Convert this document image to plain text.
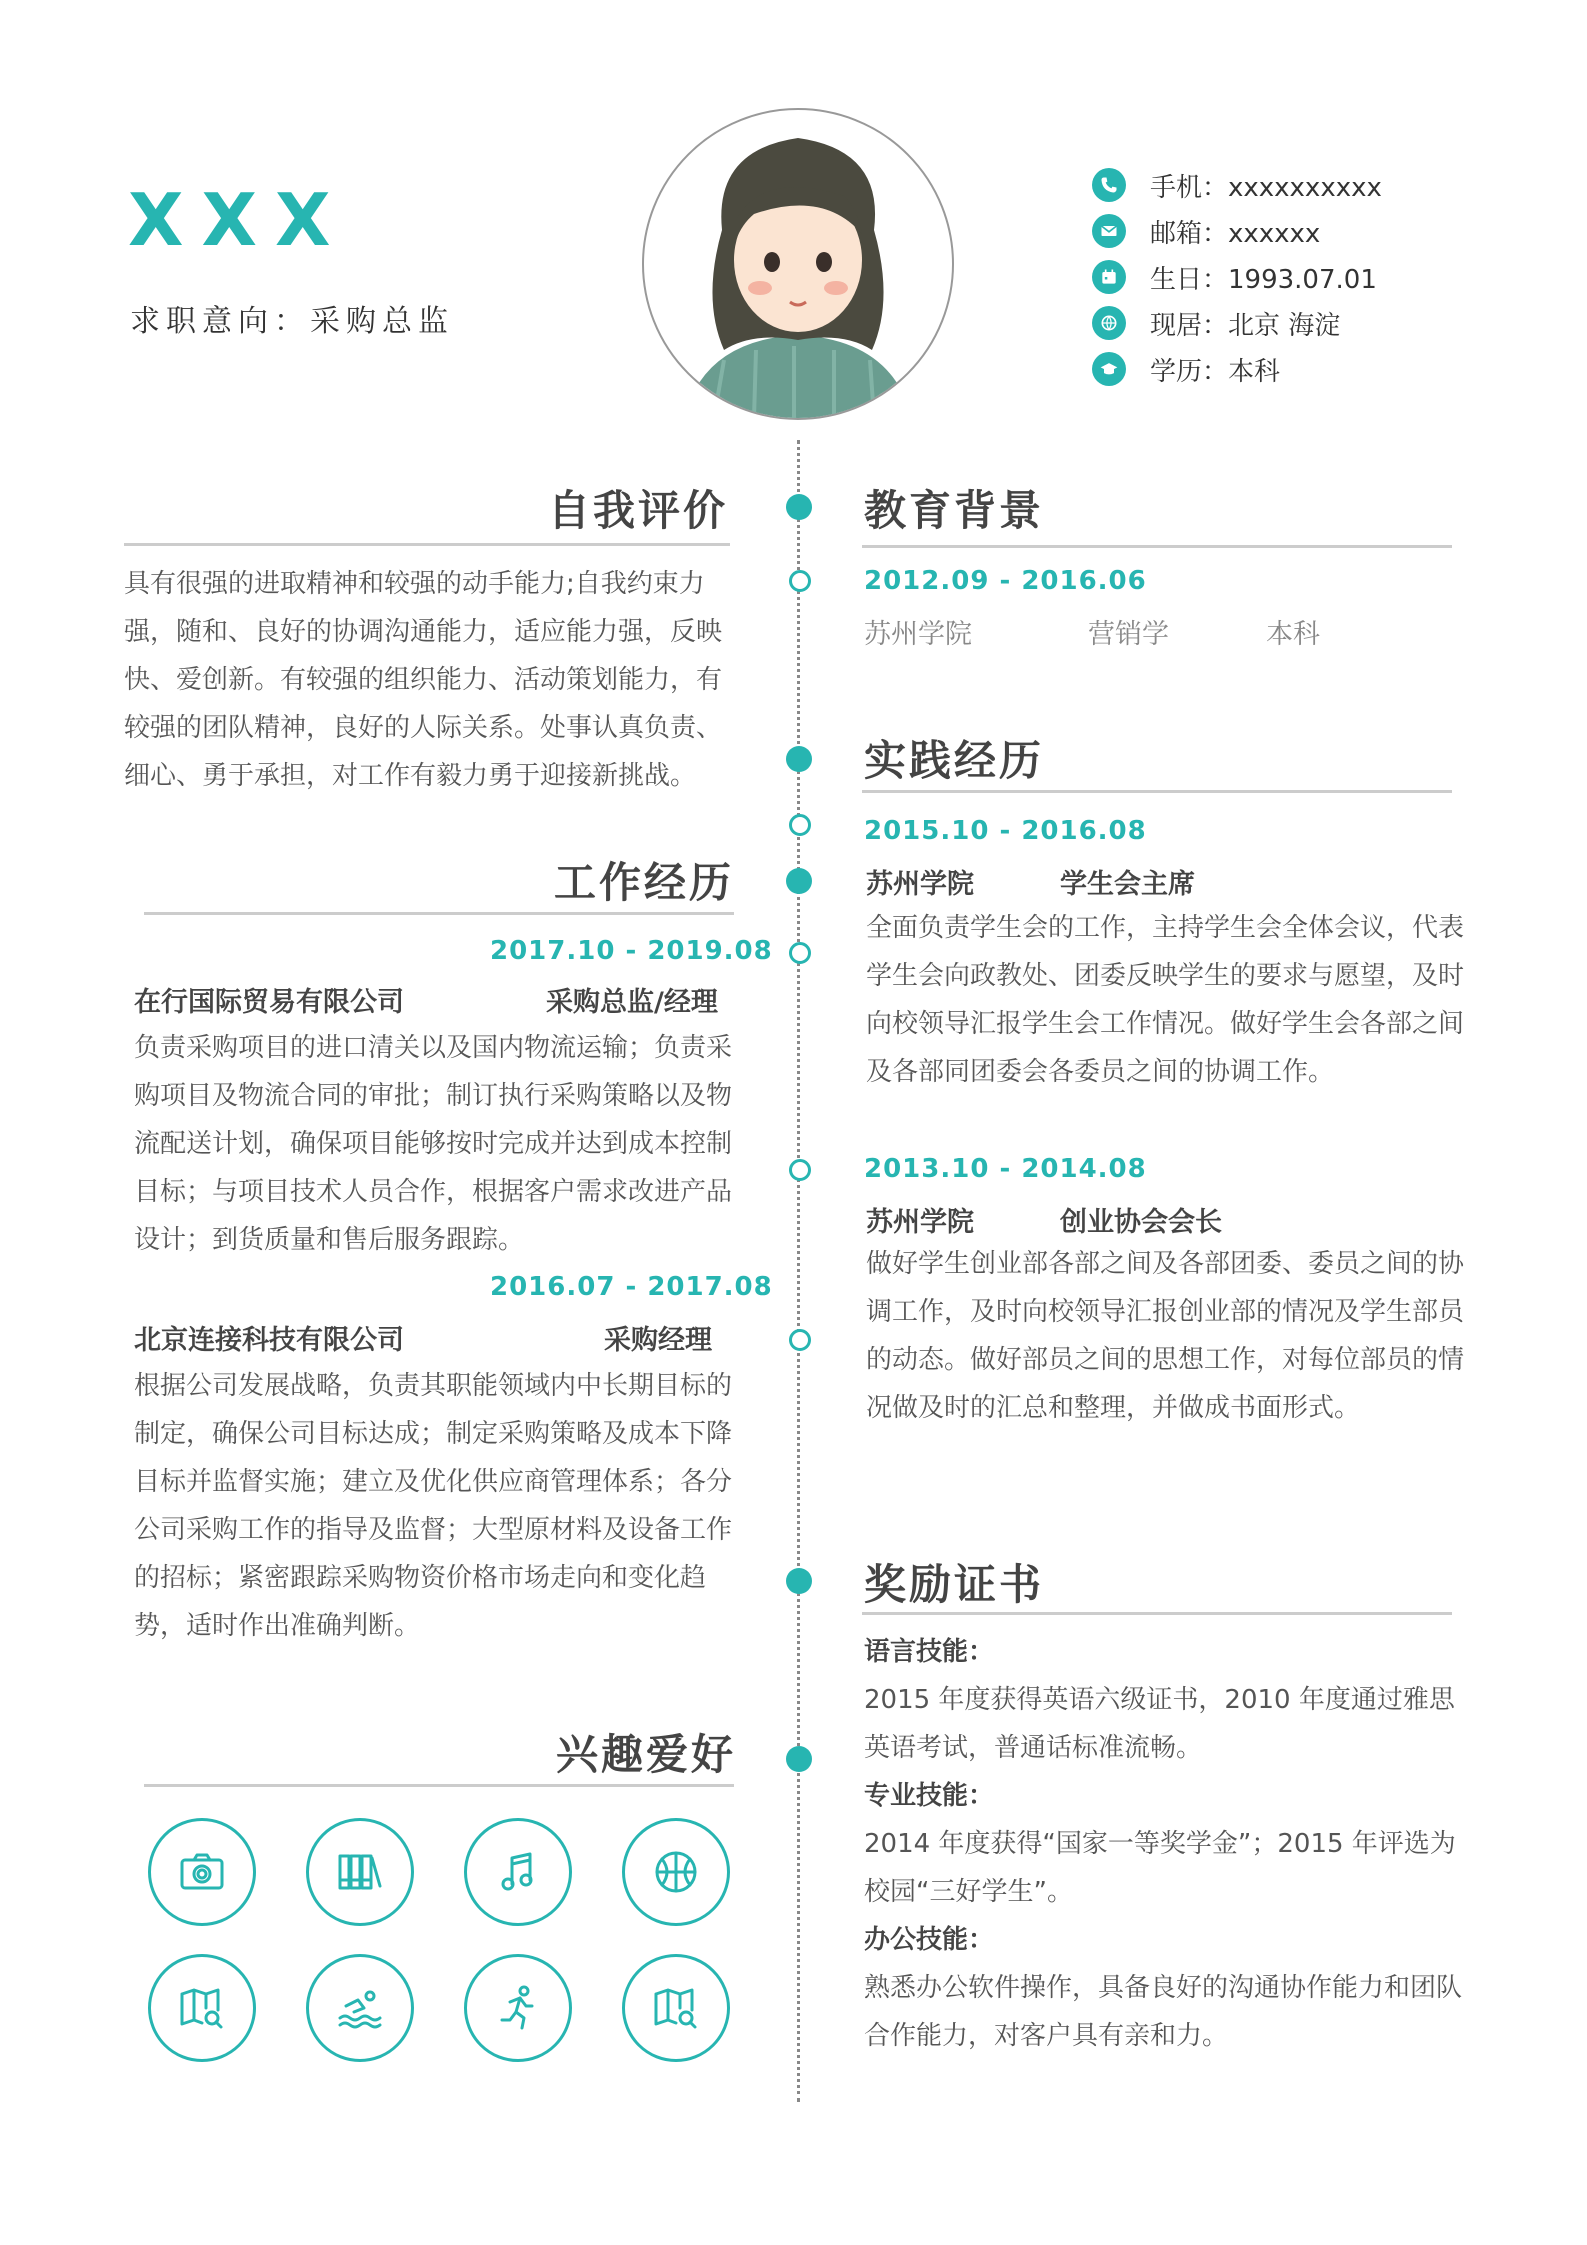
XXX
求职意向：采购总监
手机：xxxxxxxxxx
邮箱：xxxxxx
生日：1993.07.01
现居：北京 海淀
学历：本科
自我评价
具有很强的进取精神和较强的动手能力;自我约束力强，随和、良好的协调沟通能力，适应能力强，反映快、爱创新。有较强的组织能力、活动策划能力，有较强的团队精神，良好的人际关系。处事认真负责、细心、勇于承担，对工作有毅力勇于迎接新挑战。
工作经历
2017.10 - 2019.08
在行国际贸易有限公司	采购总监/经理
负责采购项目的进口清关以及国内物流运输；负责采购项目及物流合同的审批；制订执行采购策略以及物流配送计划，确保项目能够按时完成并达到成本控制目标；与项目技术人员合作，根据客户需求改进产品设计；到货质量和售后服务跟踪。
2016.07 - 2017.08
北京连接科技有限公司	采购经理
根据公司发展战略，负责其职能领域内中长期目标的制定，确保公司目标达成；制定采购策略及成本下降目标并监督实施；建立及优化供应商管理体系；各分公司采购工作的指导及监督；大型原材料及设备工作的招标；紧密跟踪采购物资价格市场走向和变化趋势，适时作出准确判断。
兴趣爱好
教育背景
2012.09 - 2016.06
苏州学院	营销学	本科
实践经历
2015.10 - 2016.08
苏州学院	学生会主席
全面负责学生会的工作，主持学生会全体会议，代表学生会向政教处、团委反映学生的要求与愿望，及时向校领导汇报学生会工作情况。做好学生会各部之间及各部同团委会各委员之间的协调工作。
2013.10 - 2014.08
苏州学院	创业协会会长
做好学生创业部各部之间及各部团委、委员之间的协调工作，及时向校领导汇报创业部的情况及学生部员的动态。做好部员之间的思想工作，对每位部员的情况做及时的汇总和整理，并做成书面形式。
奖励证书
语言技能：
2015 年度获得英语六级证书，2010 年度通过雅思英语考试，普通话标准流畅。
专业技能：
2014 年度获得“国家一等奖学金”；2015 年评选为校园“三好学生”。
办公技能：
熟悉办公软件操作，具备良好的沟通协作能力和团队合作能力，对客户具有亲和力。
